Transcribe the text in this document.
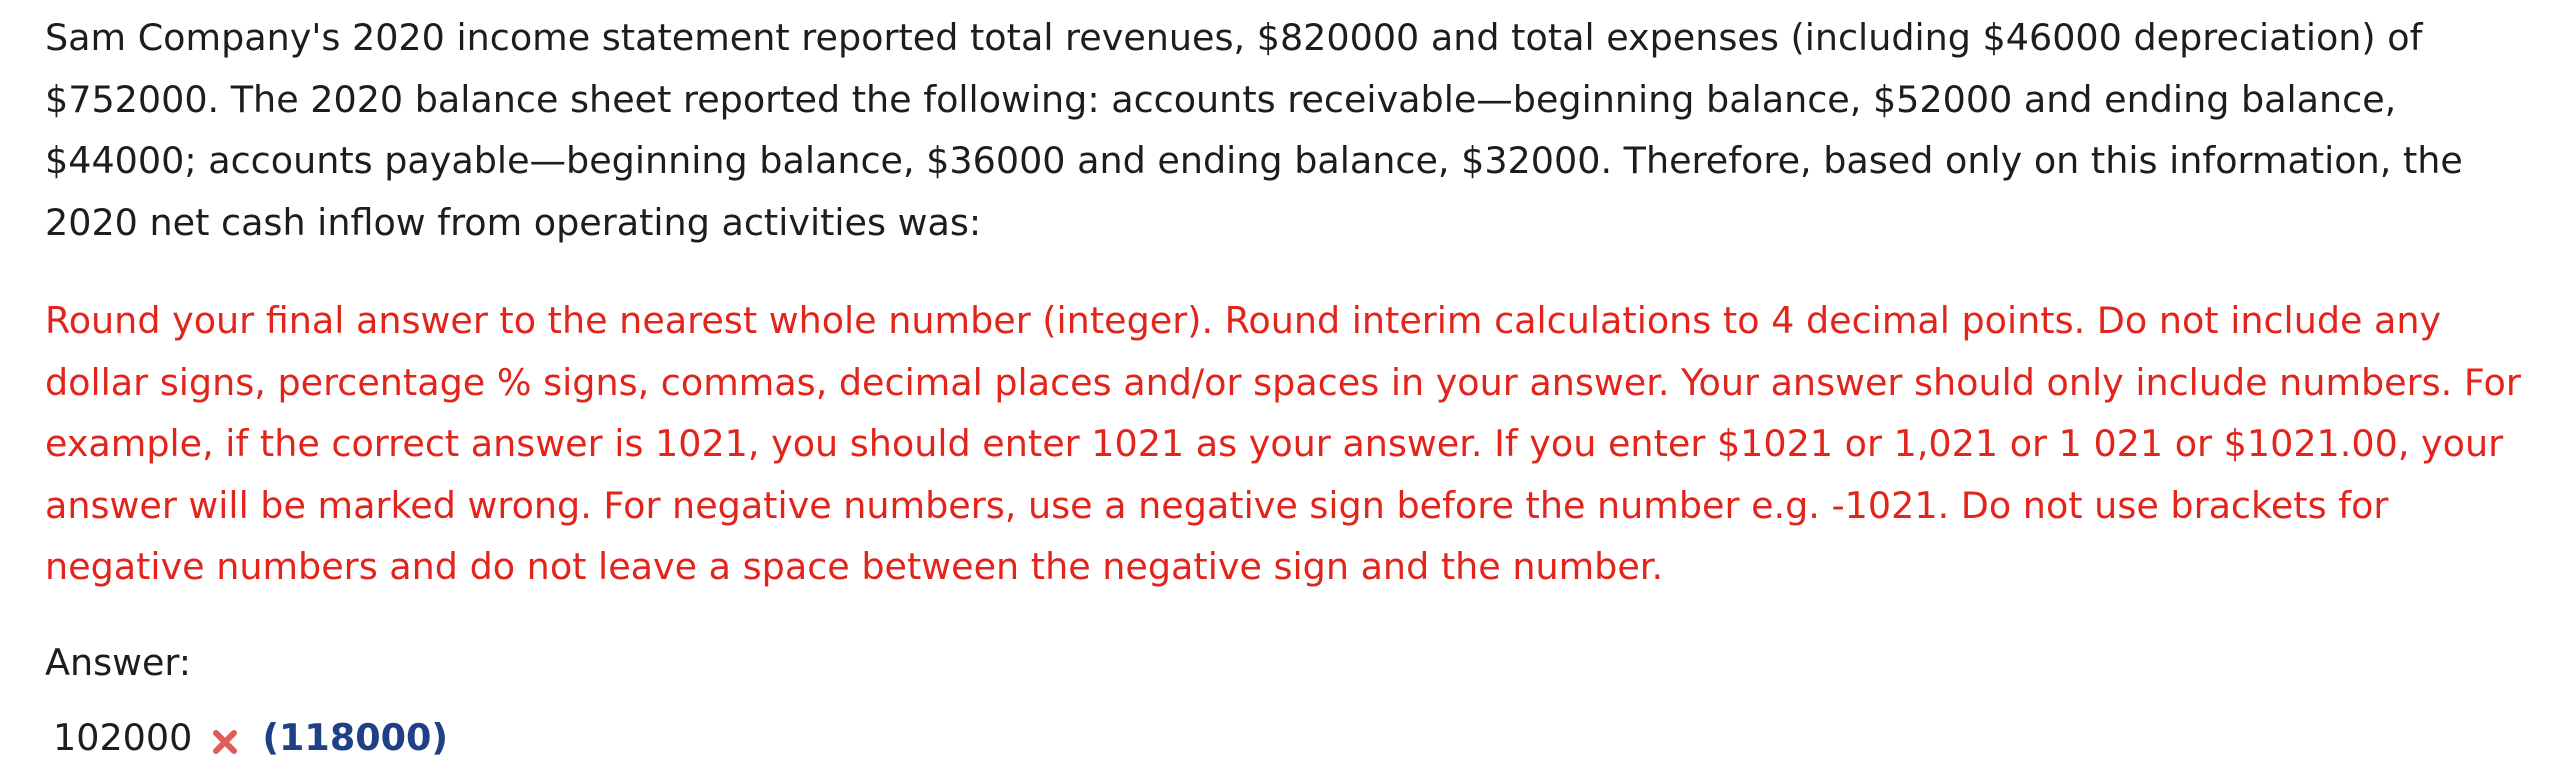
Sam Company's 2020 income statement reported total revenues, $820000 and total expenses (including $46000 depreciation) of $752000. The 2020 balance sheet reported the following: accounts receivable—beginning balance, $52000 and ending balance, $44000; accounts payable—beginning balance, $36000 and ending balance, $32000. Therefore, based only on this information, the 2020 net cash inflow from operating activities was:

Round your final answer to the nearest whole number (integer). Round interim calculations to 4 decimal points. Do not include any dollar signs, percentage % signs, commas, decimal places and/or spaces in your answer. Your answer should only include numbers. For example, if the correct answer is 1021, you should enter 1021 as your answer. If you enter $1021 or 1,021 or 1 021 or $1021.00, your answer will be marked wrong. For negative numbers, use a negative sign before the number e.g. -1021. Do not use brackets for negative numbers and do not leave a space between the negative sign and the number.

Answer:

102000 (118000)
